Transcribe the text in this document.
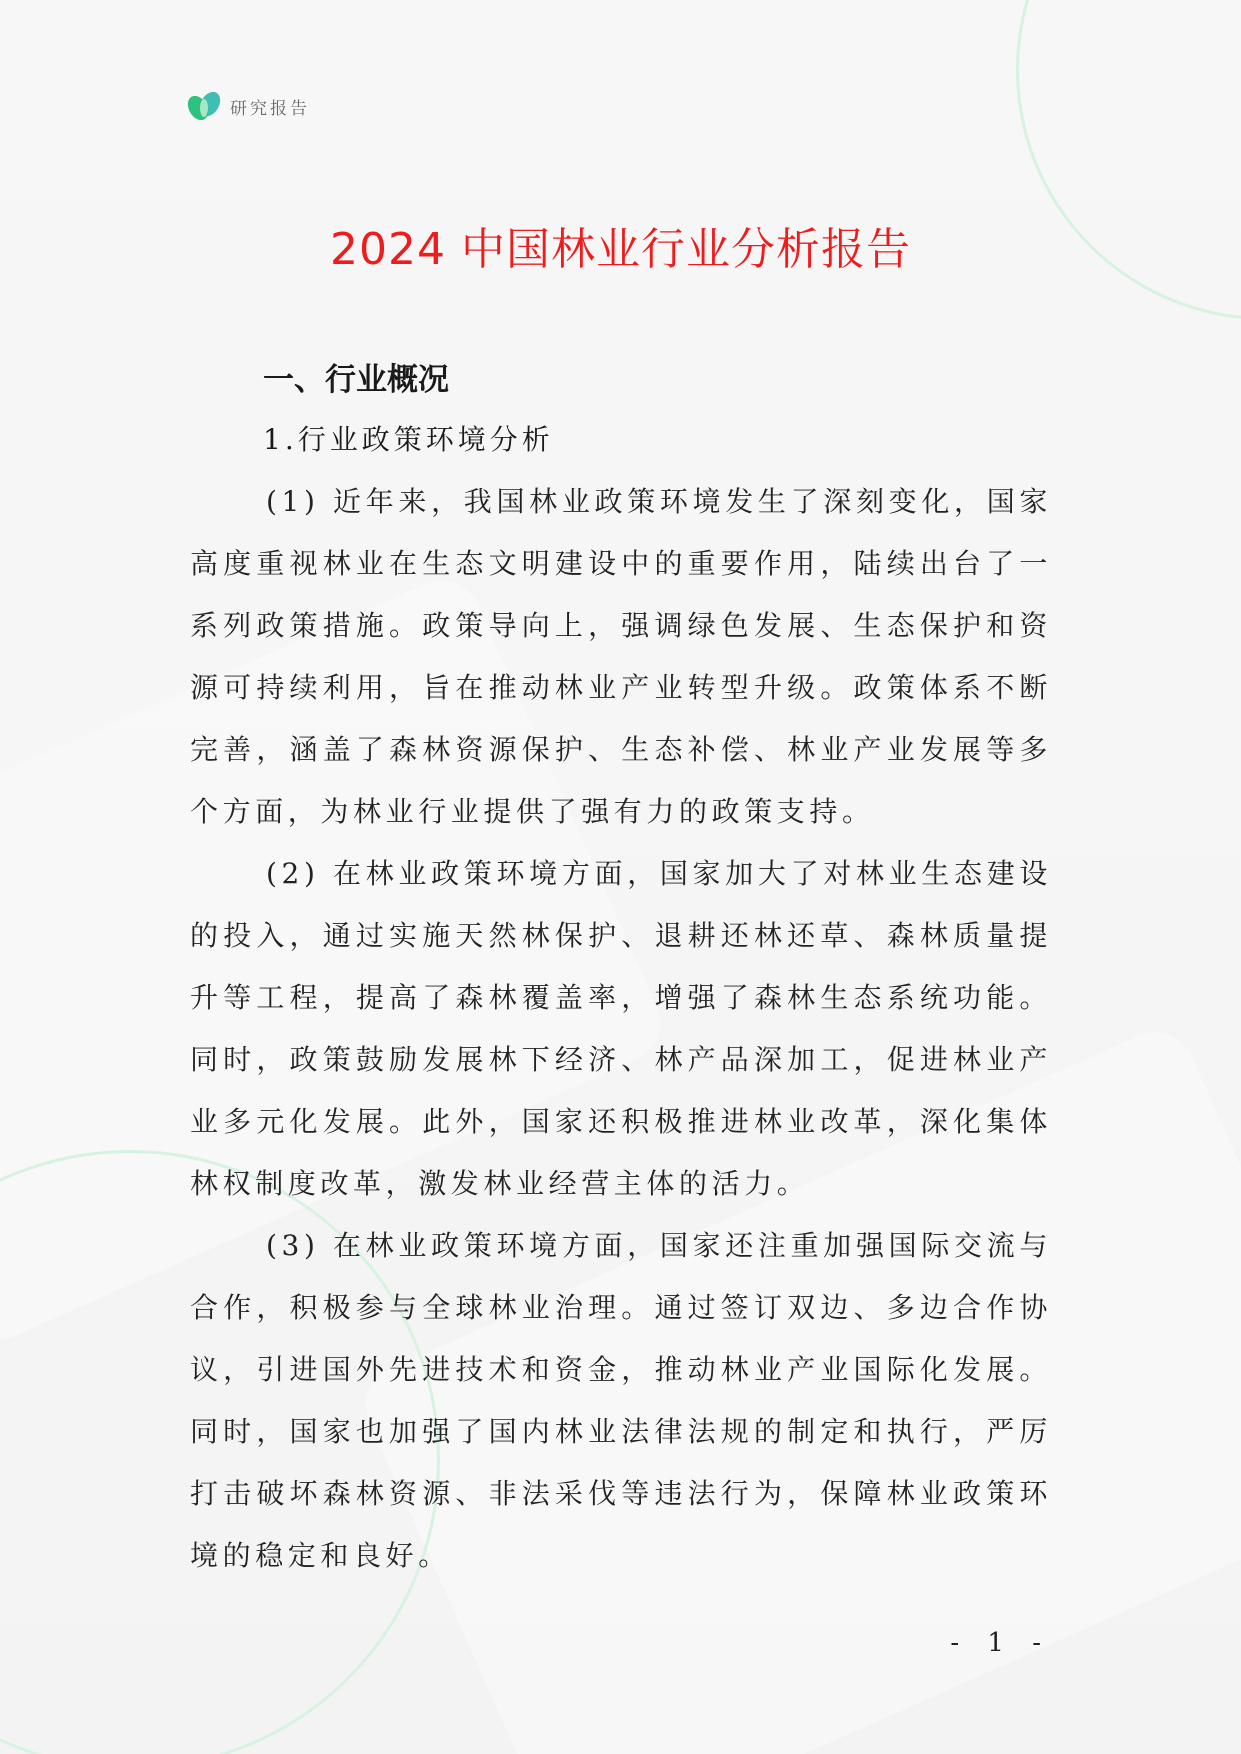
研究报告
2024 中国林业行业分析报告
一、行业概况
1.行业政策环境分析

(1) 近年来，我国林业政策环境发生了深刻变化，国家高度重视林业在生态文明建设中的重要作用，陆续出台了一系列政策措施。政策导向上，强调绿色发展、生态保护和资源可持续利用，旨在推动林业产业转型升级。政策体系不断完善，涵盖了森林资源保护、生态补偿、林业产业发展等多个方面，为林业行业提供了强有力的政策支持。

(2) 在林业政策环境方面，国家加大了对林业生态建设的投入，通过实施天然林保护、退耕还林还草、森林质量提升等工程，提高了森林覆盖率，增强了森林生态系统功能。同时，政策鼓励发展林下经济、林产品深加工，促进林业产业多元化发展。此外，国家还积极推进林业改革，深化集体林权制度改革，激发林业经营主体的活力。

(3) 在林业政策环境方面，国家还注重加强国际交流与合作，积极参与全球林业治理。通过签订双边、多边合作协议，引进国外先进技术和资金，推动林业产业国际化发展。同时，国家也加强了国内林业法律法规的制定和执行，严厉打击破坏森林资源、非法采伐等违法行为，保障林业政策环境的稳定和良好。

- 1 -
